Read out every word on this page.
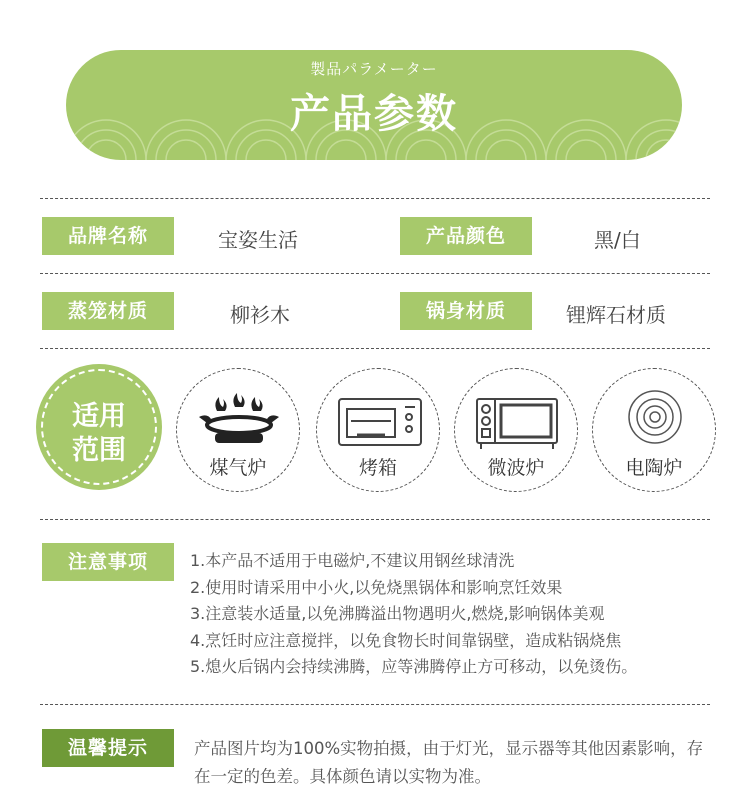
製品パラメーター
产品参数
品牌名称	宝姿生活	产品颜色	黑/白
蒸笼材质	柳衫木	锅身材质	锂辉石材质
适用
范围
煤气炉	烤箱	微波炉	电陶炉
注意事项	1.本产品不适用于电磁炉,不建议用钢丝球清洗
2.使用时请采用中小火,以免烧黑锅体和影响烹饪效果
3.注意装水适量,以免沸腾溢出物遇明火,燃烧,影响锅体美观
4.烹饪时应注意搅拌，以免食物长时间靠锅壁，造成粘锅烧焦
5.熄火后锅内会持续沸腾，应等沸腾停止方可移动，以免烫伤。
温馨提示	产品图片均为100%实物拍摄，由于灯光，显示器等其他因素影响，存在一定的色差。具体颜色请以实物为准。
